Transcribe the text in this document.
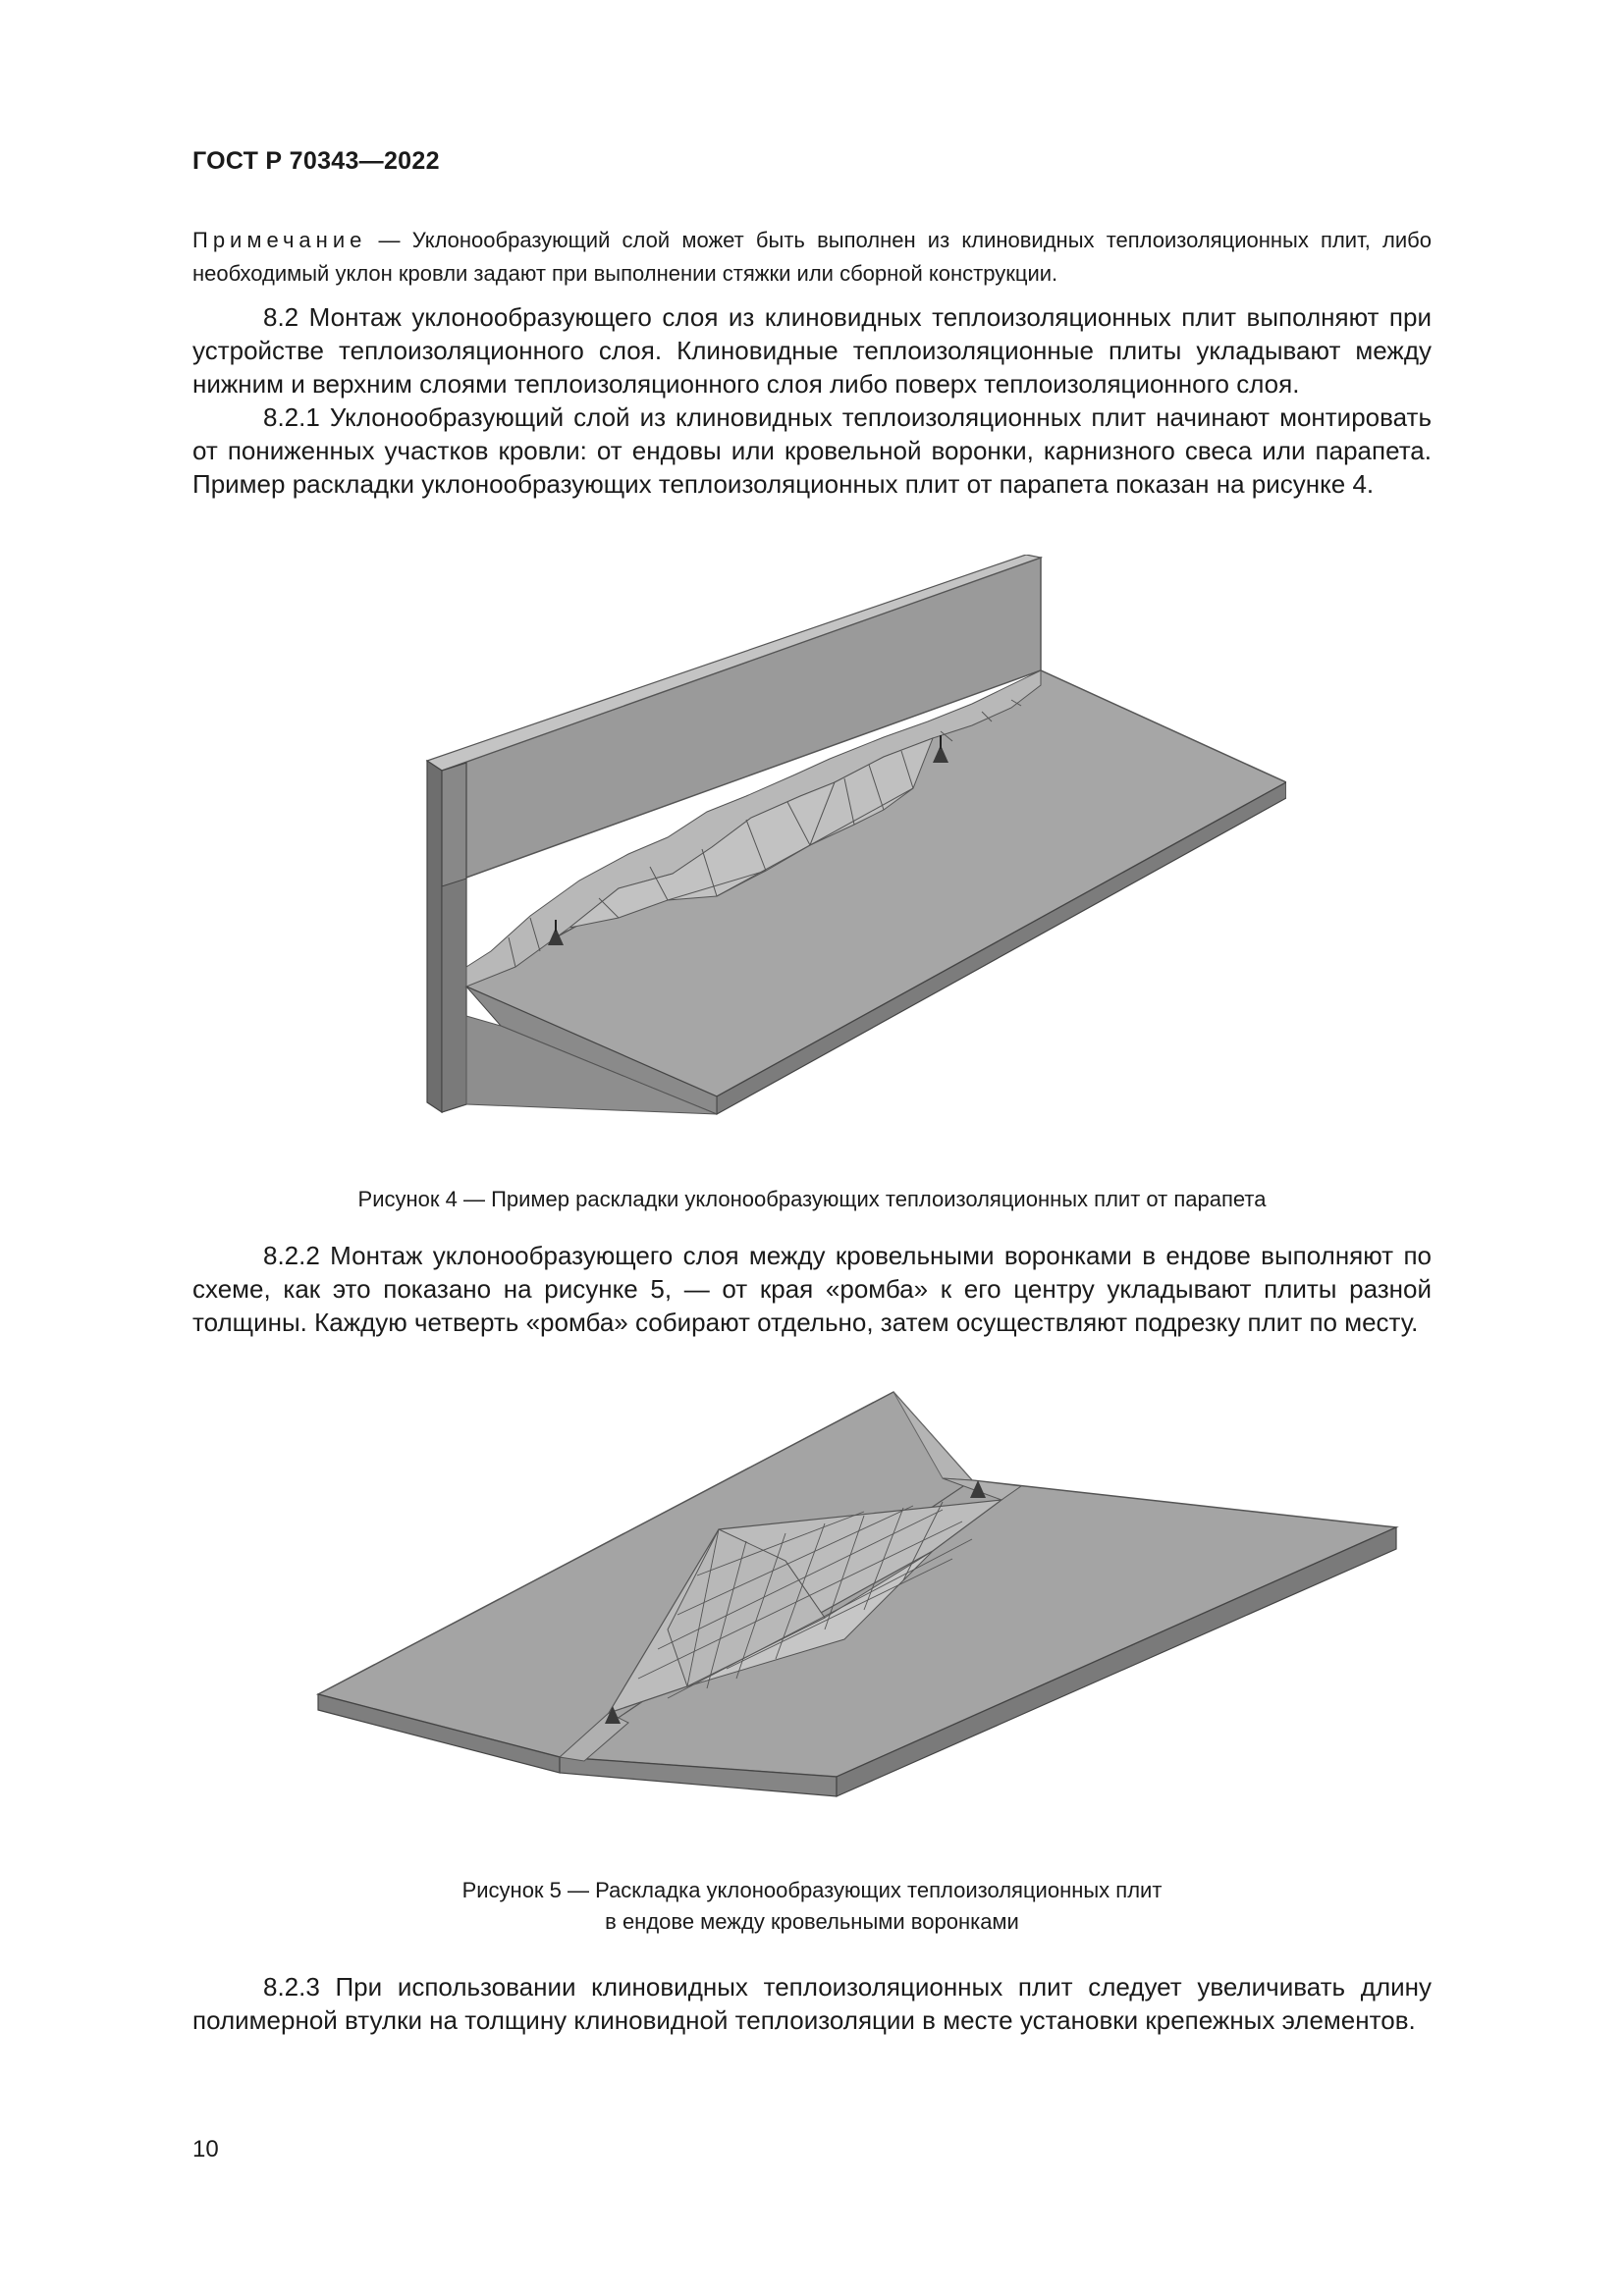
ГОСТ Р 70343—2022
Примечание — Уклонообразующий слой может быть выполнен из клиновидных теплоизоляционных плит, либо необходимый уклон кровли задают при выполнении стяжки или сборной конструкции.

8.2 Монтаж уклонообразующего слоя из клиновидных теплоизоляционных плит выполняют при устройстве теплоизоляционного слоя. Клиновидные теплоизоляционные плиты укладывают между нижним и верхним слоями теплоизоляционного слоя либо поверх теплоизоляционного слоя.

8.2.1 Уклонообразующий слой из клиновидных теплоизоляционных плит начинают монтировать от пониженных участков кровли: от ендовы или кровельной воронки, карнизного свеса или парапета. Пример раскладки уклонообразующих теплоизоляционных плит от парапета показан на рисунке 4.

Рисунок 4 — Пример раскладки уклонообразующих теплоизоляционных плит от парапета

8.2.2 Монтаж уклонообразующего слоя между кровельными воронками в ендове выполняют по схеме, как это показано на рисунке 5, — от края «ромба» к его центру укладывают плиты разной толщины. Каждую четверть «ромба» собирают отдельно, затем осуществляют подрезку плит по месту.

Рисунок 5 — Раскладка уклонообразующих теплоизоляционных плит
в ендове между кровельными воронками

8.2.3 При использовании клиновидных теплоизоляционных плит следует увеличивать длину полимерной втулки на толщину клиновидной теплоизоляции в месте установки крепежных элементов.

10
